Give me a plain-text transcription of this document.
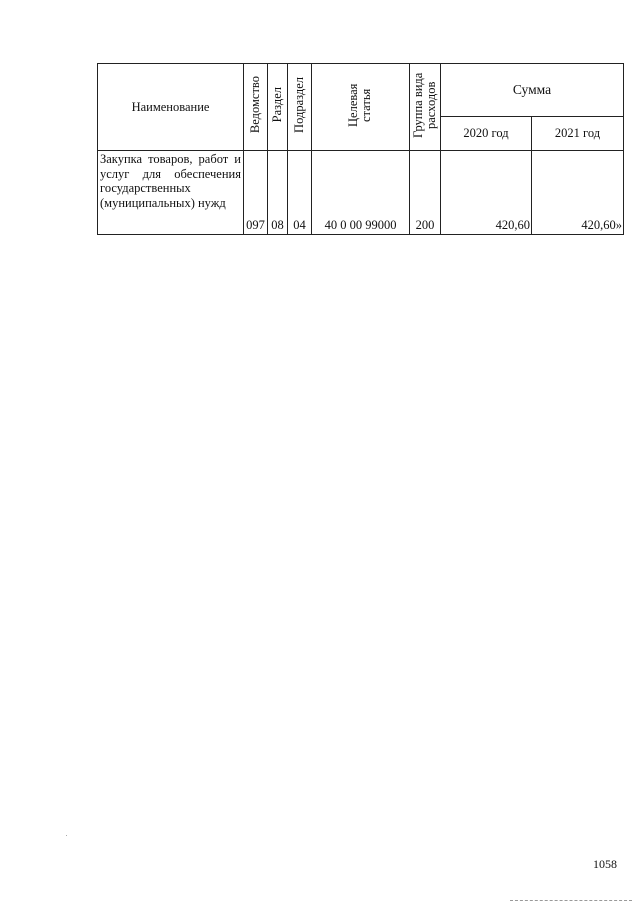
Наименование	Ведомство	Раздел	Подраздел	Целевая статья	Группа вида расходов	Сумма	
						2020 год	2021 год
Закупка товаров, работ и услуг для обеспечения государственных (муниципальных) нужд	097	08	04	40 0 00 99000	200	420,60	420,60»
1058
